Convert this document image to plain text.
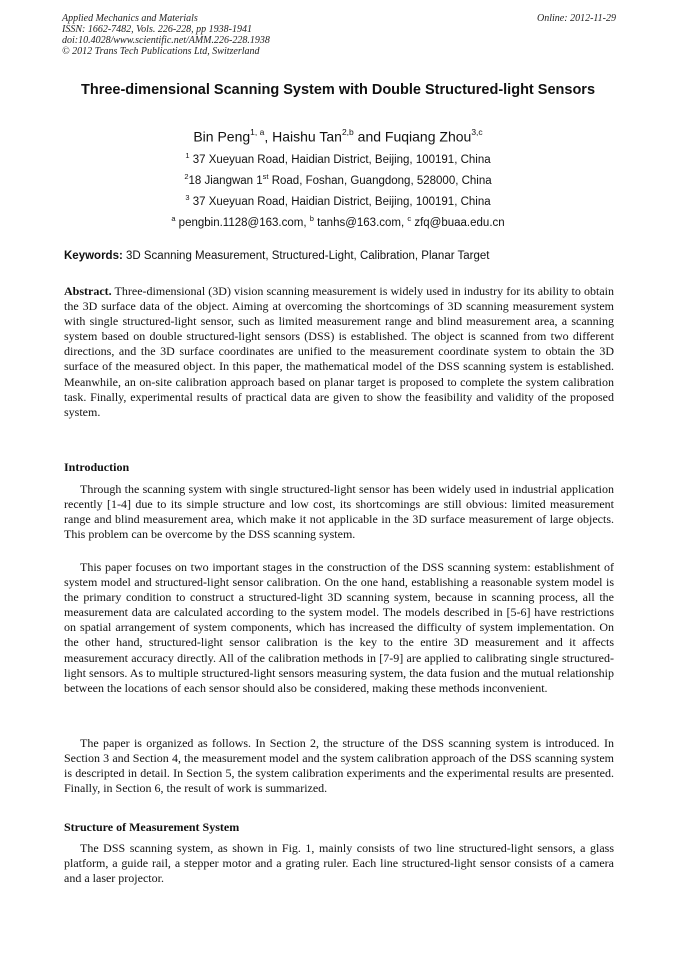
Applied Mechanics and Materials
ISSN: 1662-7482, Vols. 226-228, pp 1938-1941
doi:10.4028/www.scientific.net/AMM.226-228.1938
© 2012 Trans Tech Publications Ltd, Switzerland
Online: 2012-11-29
Three-dimensional Scanning System with Double Structured-light Sensors
Bin Peng$^{1, a}$, Haishu Tan$^{2,b}$ and Fuqiang Zhou$^{3,c}$
$^1$ 37 Xueyuan Road, Haidian District, Beijing, 100191, China
$^2$18 Jiangwan 1st Road, Foshan, Guangdong, 528000, China
$^3$ 37 Xueyuan Road, Haidian District, Beijing, 100191, China
$^a$ pengbin.1128@163.com, $^b$ tanhs@163.com, $^c$ zfq@buaa.edu.cn
Keywords: 3D Scanning Measurement, Structured-Light, Calibration, Planar Target
Abstract. Three-dimensional (3D) vision scanning measurement is widely used in industry for its ability to obtain the 3D surface data of the object. Aiming at overcoming the shortcomings of 3D scanning measurement system with single structured-light sensor, such as limited measurement range and blind measurement area, a scanning system based on double structured-light sensors (DSS) is established. The object is scanned from two different directions, and the 3D surface coordinates are unified to the measurement coordinate system to obtain the 3D surface of the measured object. In this paper, the mathematical model of the DSS scanning system is established. Meanwhile, an on-site calibration approach based on planar target is proposed to complete the system calibration task. Finally, experimental results of practical data are given to show the feasibility and validity of the proposed system.
Introduction
Through the scanning system with single structured-light sensor has been widely used in industrial application recently [1-4] due to its simple structure and low cost, its shortcomings are still obvious: limited measurement range and blind measurement area, which make it not applicable in the 3D surface measurement of large objects. This problem can be overcome by the DSS scanning system.
This paper focuses on two important stages in the construction of the DSS scanning system: establishment of system model and structured-light sensor calibration. On the one hand, establishing a reasonable system model is the primary condition to construct a structured-light 3D scanning system, because in scanning process, all the measurement data are calculated according to the system model. The models described in [5-6] have restrictions on spatial arrangement of system components, which has increased the difficulty of system implementation. On the other hand, structured-light sensor calibration is the key to the entire 3D measurement and it affects measurement accuracy directly. All of the calibration methods in [7-9] are applied to calibrating single structured-light sensors. As to multiple structured-light sensors measuring system, the data fusion and the mutual relationship between the locations of each sensor should also be considered, making these methods inconvenient.
The paper is organized as follows. In Section 2, the structure of the DSS scanning system is introduced. In Section 3 and Section 4, the measurement model and the system calibration approach of the DSS scanning system is descripted in detail. In Section 5, the system calibration experiments and the experimental results are presented. Finally, in Section 6, the result of work is summarized.
Structure of Measurement System
The DSS scanning system, as shown in Fig. 1, mainly consists of two line structured-light sensors, a glass platform, a guide rail, a stepper motor and a grating ruler. Each line structured-light sensor consists of a camera and a laser projector.
